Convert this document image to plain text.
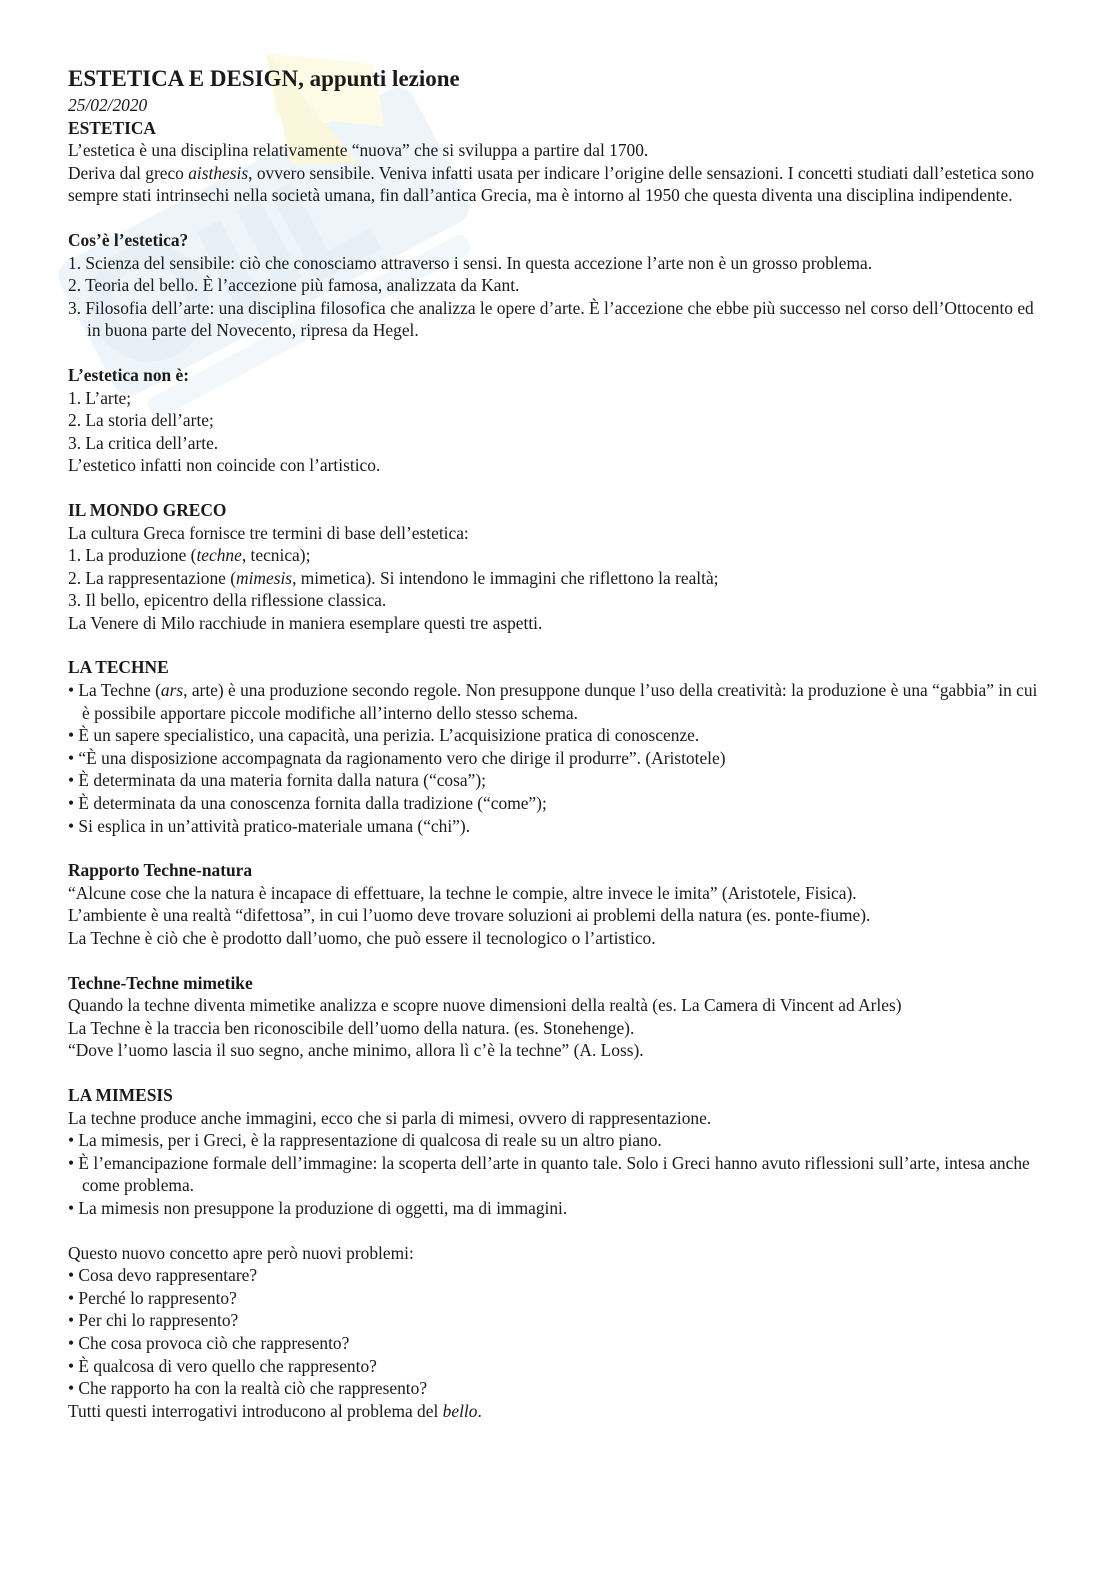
ESTETICA E DESIGN, appunti lezione

25/02/2020

ESTETICA

L’estetica è una disciplina relativamente “nuova” che si sviluppa a partire dal 1700.

Deriva dal greco aisthesis, ovvero sensibile. Veniva infatti usata per indicare l’origine delle sensazioni. I concetti studiati dall’estetica sono sempre stati intrinsechi nella società umana, fin dall’antica Grecia, ma è intorno al 1950 che questa diventa una disciplina indipendente.

Cos’è l’estetica?

1. Scienza del sensibile: ciò che conosciamo attraverso i sensi. In questa accezione l’arte non è un grosso problema.

2. Teoria del bello. È l’accezione più famosa, analizzata da Kant.

3. Filosofia dell’arte: una disciplina filosofica che analizza le opere d’arte. È l’accezione che ebbe più successo nel corso dell’Ottocento ed in buona parte del Novecento, ripresa da Hegel.

L’estetica non è:

1. L’arte;

2. La storia dell’arte;

3. La critica dell’arte.

L’estetico infatti non coincide con l’artistico.

IL MONDO GRECO

La cultura Greca fornisce tre termini di base dell’estetica:

1. La produzione (techne, tecnica);

2. La rappresentazione (mimesis, mimetica). Si intendono le immagini che riflettono la realtà;

3. Il bello, epicentro della riflessione classica.

La Venere di Milo racchiude in maniera esemplare questi tre aspetti.

LA TECHNE

• La Techne (ars, arte) è una produzione secondo regole. Non presuppone dunque l’uso della creatività: la produzione è una “gabbia” in cui è possibile apportare piccole modifiche all’interno dello stesso schema.

• È un sapere specialistico, una capacità, una perizia. L’acquisizione pratica di conoscenze.

• “È una disposizione accompagnata da ragionamento vero che dirige il produrre”. (Aristotele)

• È determinata da una materia fornita dalla natura (“cosa”);

• È determinata da una conoscenza fornita dalla tradizione (“come”);

• Si esplica in un’attività pratico-materiale umana (“chi”).

Rapporto Techne-natura

“Alcune cose che la natura è incapace di effettuare, la techne le compie, altre invece le imita” (Aristotele, Fisica).

L’ambiente è una realtà “difettosa”, in cui l’uomo deve trovare soluzioni ai problemi della natura (es. ponte-fiume).

La Techne è ciò che è prodotto dall’uomo, che può essere il tecnologico o l’artistico.

Techne-Techne mimetike

Quando la techne diventa mimetike analizza e scopre nuove dimensioni della realtà (es. La Camera di Vincent ad Arles)

La Techne è la traccia ben riconoscibile dell’uomo della natura. (es. Stonehenge).

“Dove l’uomo lascia il suo segno, anche minimo, allora lì c’è la techne” (A. Loss).

LA MIMESIS

La techne produce anche immagini, ecco che si parla di mimesi, ovvero di rappresentazione.

• La mimesis, per i Greci, è la rappresentazione di qualcosa di reale su un altro piano.

• È l’emancipazione formale dell’immagine: la scoperta dell’arte in quanto tale. Solo i Greci hanno avuto riflessioni sull’arte, intesa anche come problema.

• La mimesis non presuppone la produzione di oggetti, ma di immagini.

Questo nuovo concetto apre però nuovi problemi:

• Cosa devo rappresentare?

• Perché lo rappresento?

• Per chi lo rappresento?

• Che cosa provoca ciò che rappresento?

• È qualcosa di vero quello che rappresento?

• Che rapporto ha con la realtà ciò che rappresento?

Tutti questi interrogativi introducono al problema del bello.
